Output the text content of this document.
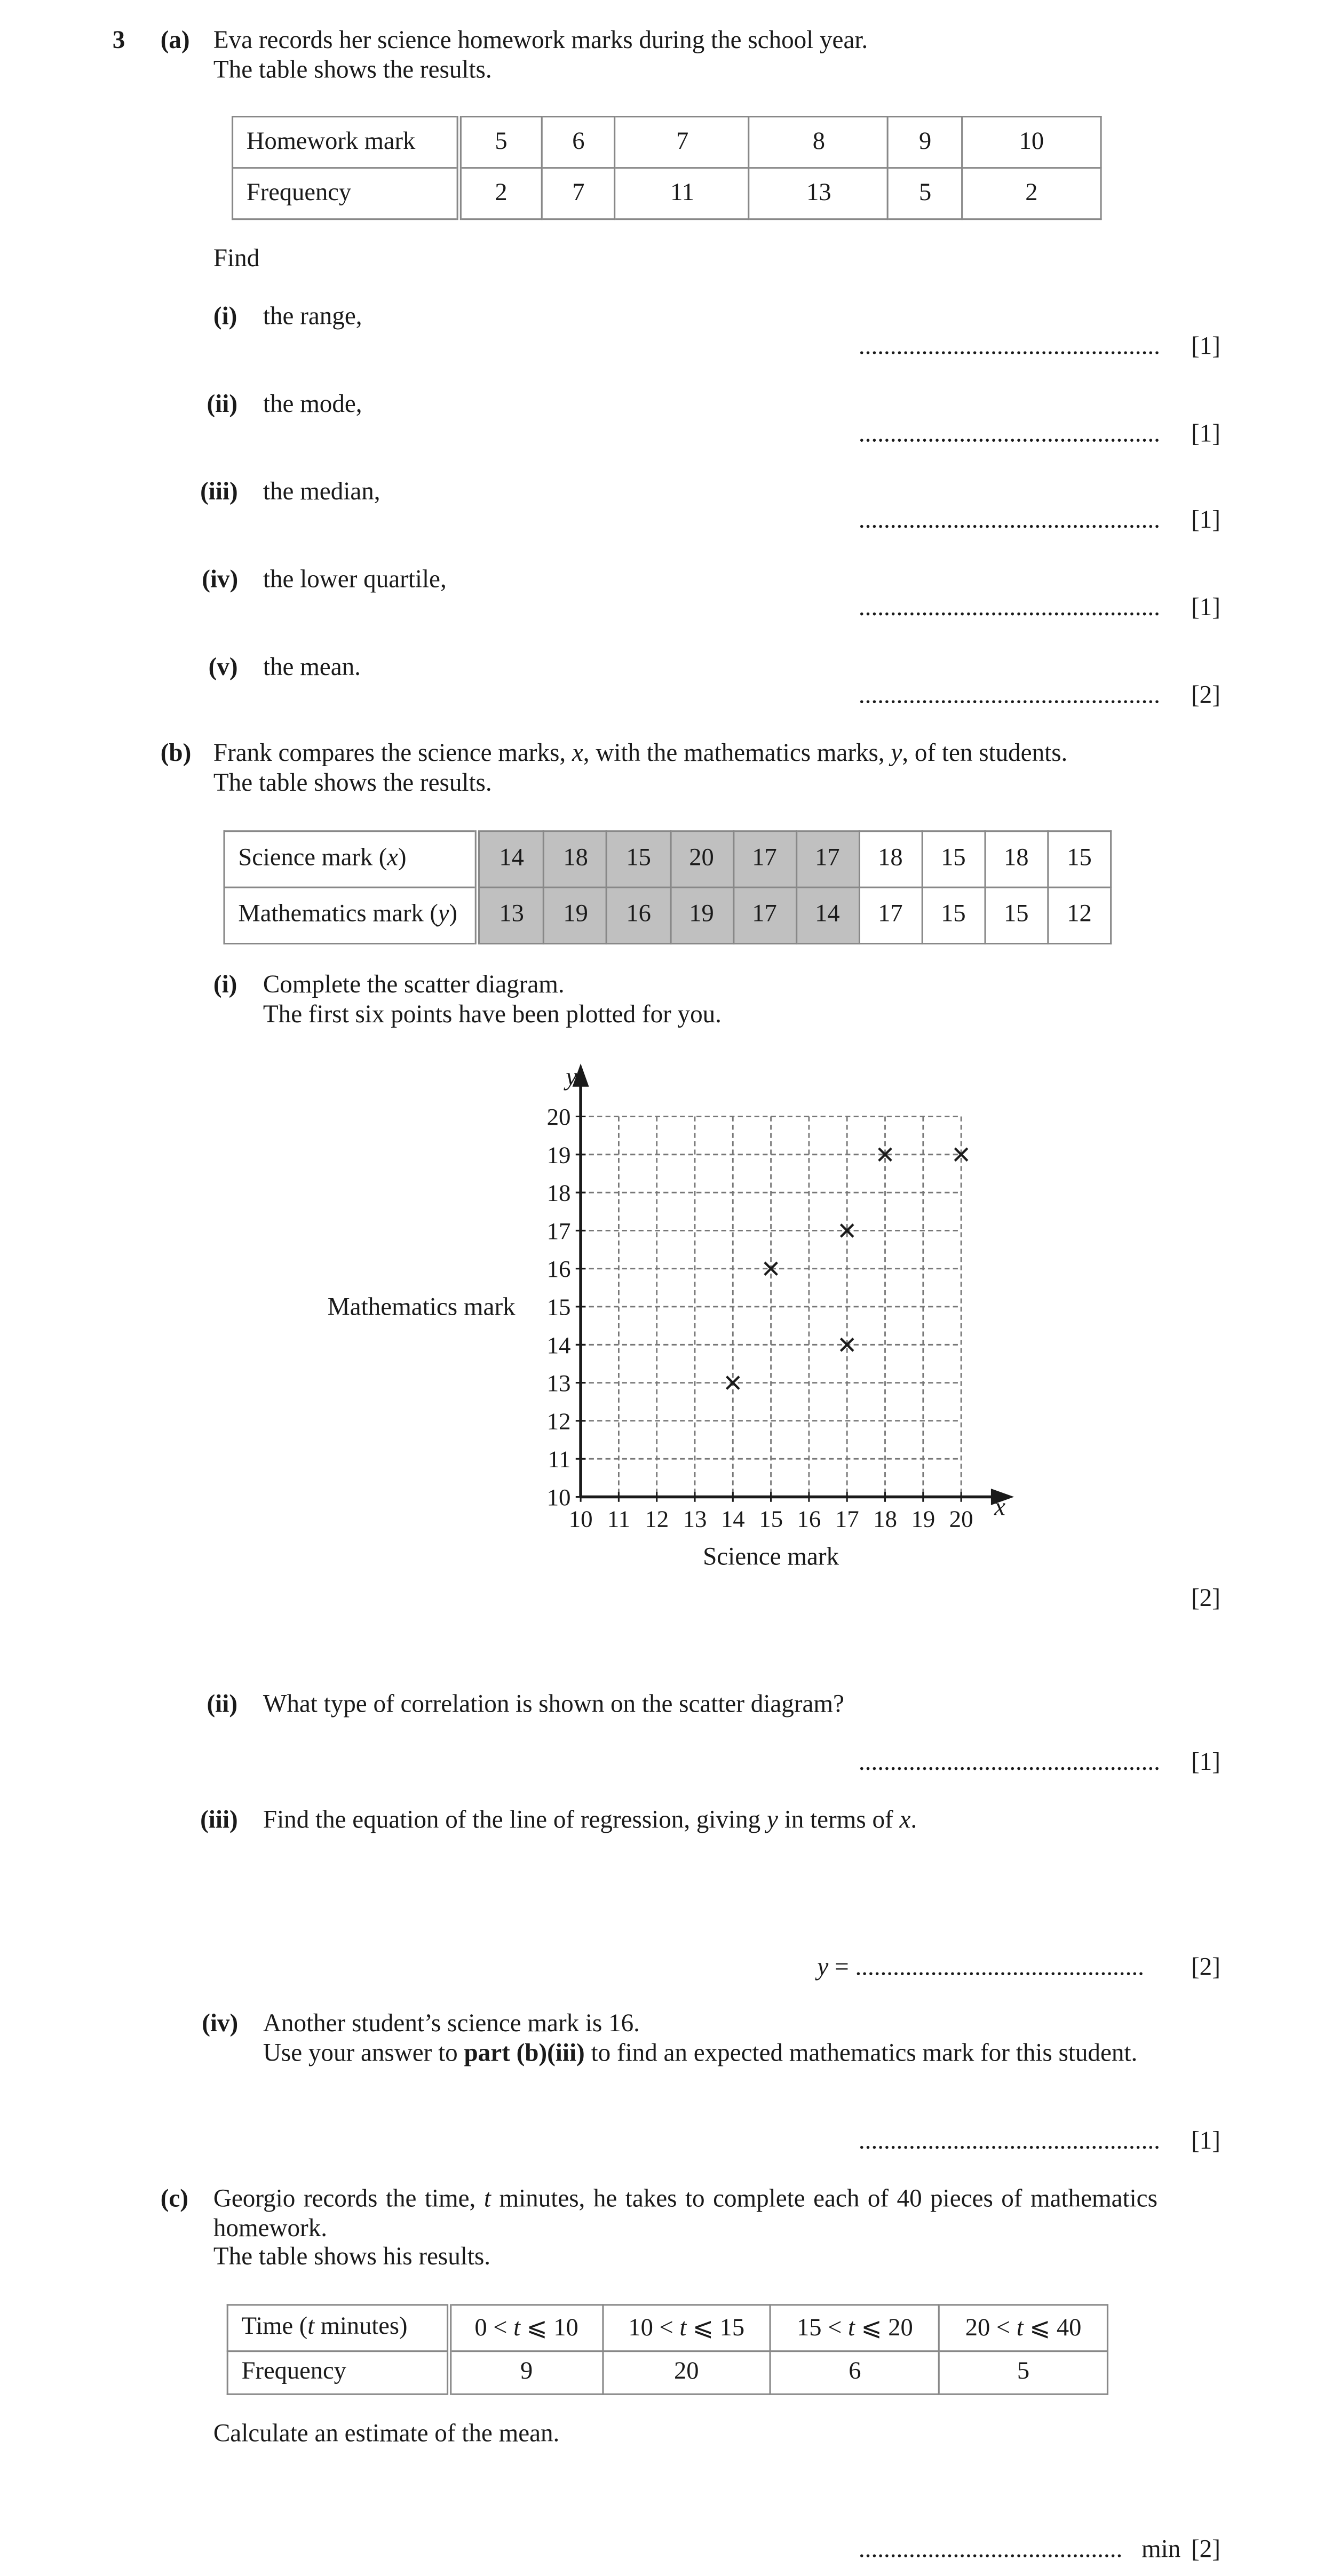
3	(a)	Eva records her science homework marks during the school year.
The table shows the results.
Homework mark	5	6	7	8	9	10
Frequency	2	7	11	13	5	2
Find
(i)	the range,
................................................	[1]
(ii)	the mode,
................................................	[1]
(iii)	the median,
................................................	[1]
(iv)	the lower quartile,
................................................	[1]
(v)	the mean.
................................................	[2]
(b)	Frank compares the science marks, x, with the mathematics marks, y, of ten students.
The table shows the results.
Science mark (x)	14	18	15	20	17	17	18	15	18	15
Mathematics mark (y)	13	19	16	19	17	14	17	15	15	12
(i)	Complete the scatter diagram.
The first six points have been plotted for you.
10 11 12 13 14 15 16 17 18 19 20
10
11
12
13
14
15
16
17
18
19
20
Mathematics mark
Science mark
x
y
[2]
(ii)	What type of correlation is shown on the scatter diagram?
................................................	[1]
(iii)	Find the equation of the line of regression, giving y in terms of x.
y = ..............................................	[2]
(iv)	Another student’s science mark is 16.
Use your answer to part (b)(iii) to find an expected mathematics mark for this student.
................................................	[1]
(c)	Georgio records the time, t minutes, he takes to complete each of 40 pieces of mathematics
homework.
The table shows his results.
Time (t minutes)	0 < t ⩽ 10	10 < t ⩽ 15	15 < t ⩽ 20	20 < t ⩽ 40
Frequency	9	20	6	5
Calculate an estimate of the mean.
.......................................... min [2]
